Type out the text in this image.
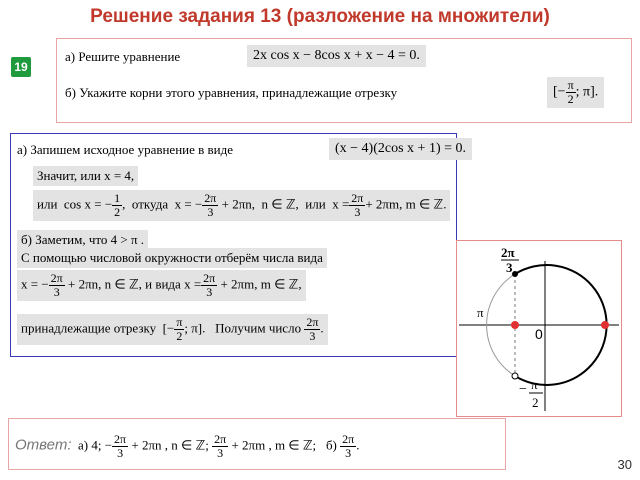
Решение задания 13 (разложение на множители)
19
а) Решите уравнение	2x cos x − 8cos x + x − 4 = 0.
б) Укажите корни этого уравнения, принадлежащие отрезку	[− $\frac{\pi}{2}$ ; π].
а) Запишем исходное уравнение в виде	(x − 4)(2cos x + 1) = 0.
Значит, или x = 4,
или cos x = − $\frac{1}{2}$ ,  откуда x = − $\frac{2\pi}{3} + 2\pi n$, n ∈ ℤ, или $x = \frac{2\pi}{3} + 2\pi m$, m ∈ ℤ.
б) Заметим, что 4 > π .
С помощью числовой окружности отберём числа вида
x = − $\frac{2\pi}{3} + 2\pi n$, n ∈ ℤ, и вида $x = \frac{2\pi}{3} + 2\pi m$, m ∈ ℤ,
принадлежащие отрезку  [− $\frac{\pi}{2}$ ; π].   Получим число $\frac{2\pi}{3}$ .
2π
3
π
0
− π
2
Ответ: а) 4; − $\frac{2\pi}{3} + 2\pi n$ , n ∈ ℤ; $\frac{2\pi}{3} + 2\pi m$ , m ∈ ℤ; $б) \frac{2\pi}{3}$ .
30
